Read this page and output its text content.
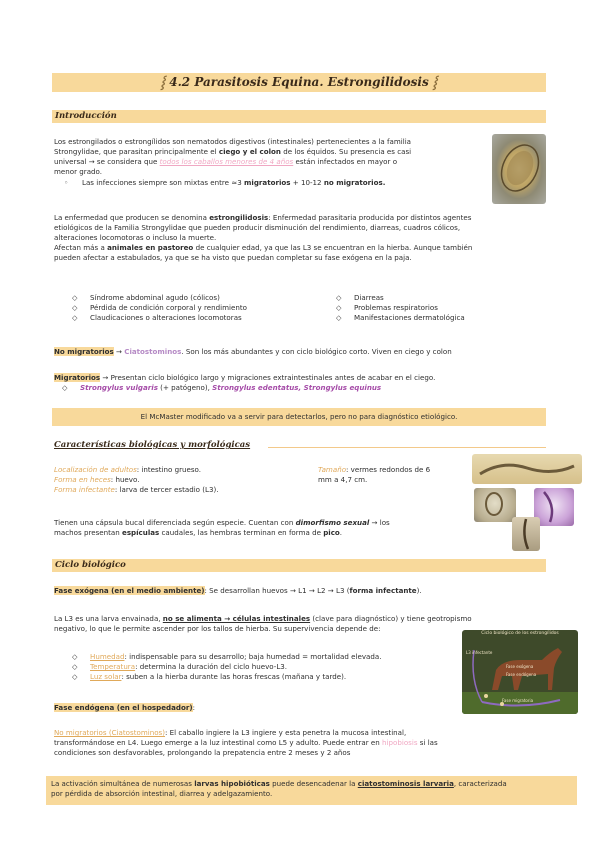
⸾ 4.2 Parasitosis Equina. Estrongilidosis ⸾
Introducción
Los estrongilados o estrongílidos son nematodos digestivos (intestinales) pertenecientes a la familia
Strongylidae, que parasitan principalmente el ciego y el colon de los équidos. Su presencia es casi
universal → se considera que todos los caballos menores de 4 años están infectados en mayor o
menor grado.
◦	Las infecciones siempre son mixtas entre ≈3 migratorios + 10-12 no migratorios.
La enfermedad que producen se denomina estrongilidosis: Enfermedad parasitaria producida por distintos agentes
etiológicos de la Familia Strongylidae que pueden producir disminución del rendimiento, diarreas, cuadros cólicos,
alteraciones locomotoras o incluso la muerte.
Afectan más a animales en pastoreo de cualquier edad, ya que las L3 se encuentran en la hierba. Aunque también
pueden afectar a estabulados, ya que se ha visto que puedan completar su fase exógena en la paja.
◇	Síndrome abdominal agudo (cólicos)
◇	Pérdida de condición corporal y rendimiento
◇	Claudicaciones o alteraciones locomotoras
◇	Diarreas
◇	Problemas respiratorios
◇	Manifestaciones dermatológica
No migratorios → Ciatostominos. Son los más abundantes y con ciclo biológico corto. Viven en ciego y colon
Migratorios → Presentan ciclo biológico largo y migraciones extraintestinales antes de acabar en el ciego.
◇	Strongylus vulgaris (+ patógeno), Strongylus edentatus, Strongylus equinus
El McMaster modificado va a servir para detectarlos, pero no para diagnóstico etiológico.
Características biológicas y morfológicas
Localización de adultos: intestino grueso.
Forma en heces: huevo.
Forma infectante: larva de tercer estadio (L3).
Tamaño: vermes redondos de 6
mm a 4,7 cm.
Tienen una cápsula bucal diferenciada según especie. Cuentan con dimorfismo sexual → los
machos presentan espículas caudales, las hembras terminan en forma de pico.
Ciclo biológico
Fase exógena (en el medio ambiente): Se desarrollan huevos → L1 → L2 → L3 (forma infectante).
La L3 es una larva envainada, no se alimenta → células intestinales (clave para diagnóstico) y tiene geotropismo
negativo, lo que le permite ascender por los tallos de hierba. Su supervivencia depende de:
◇	Humedad: indispensable para su desarrollo; baja humedad = mortalidad elevada.
◇	Temperatura: determina la duración del ciclo huevo-L3.
◇	Luz solar: suben a la hierba durante las horas frescas (mañana y tarde).
Ciclo biológico de los estrongílidos
L3 infectante
Fase exógena
Fase endógena
Fase migratoria
Fase endógena (en el hospedador):
No migratorios (Ciatostominos): El caballo ingiere la L3 ingiere y esta penetra la mucosa intestinal,
transformándose en L4. Luego emerge a la luz intestinal como L5 y adulto. Puede entrar en hipobiosis si las
condiciones son desfavorables, prolongando la prepatencia entre 2 meses y 2 años
La activación simultánea de numerosas larvas hipobióticas puede desencadenar la ciatostominosis larvaria, caracterizada
por pérdida de absorción intestinal, diarrea y adelgazamiento.
